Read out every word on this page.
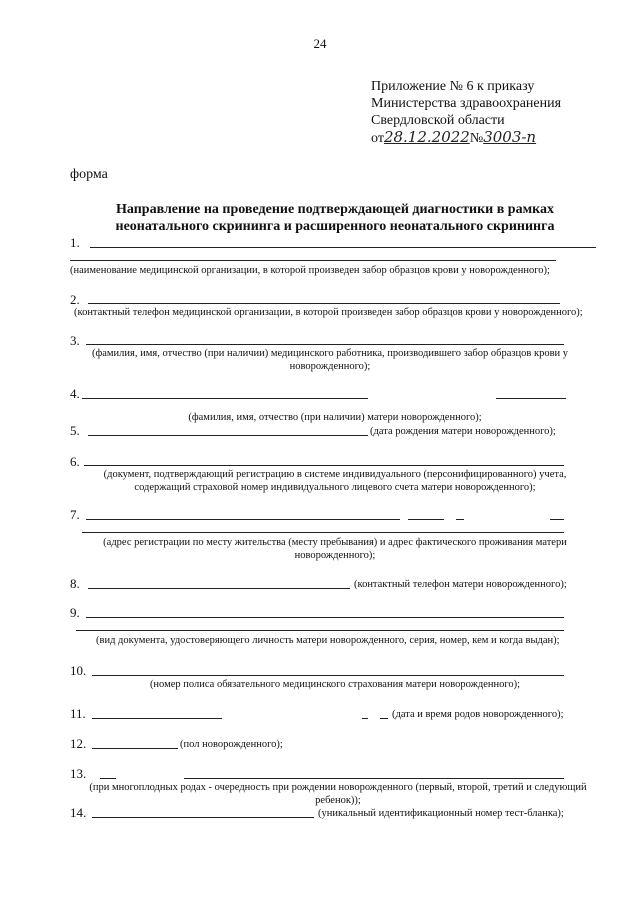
24
Приложение № 6 к приказу
Министерства здравоохранения
Свердловской области
от28.12.2022№3003-п
форма
Направление на проведение подтверждающей диагностики в рамках
неонатального скрининга и расширенного неонатального скрининга
1.
(наименование медицинской организации, в которой произведен забор образцов крови у новорожденного);
2.
(контактный телефон медицинской организации, в которой произведен забор образцов крови у новорожденного);
3.
(фамилия, имя, отчество (при наличии) медицинского работника, производившего забор образцов крови у
новорожденного);
4.
(фамилия, имя, отчество (при наличии) матери новорожденного);
5.	(дата рождения матери новорожденного);
6.
(документ, подтверждающий регистрацию в системе индивидуального (персонифицированного) учета,
содержащий страховой номер индивидуального лицевого счета матери новорожденного);
7.
(адрес регистрации по месту жительства (месту пребывания) и адрес фактического проживания матери
новорожденного);
8.	(контактный телефон матери новорожденного);
9.
(вид документа, удостоверяющего личность матери новорожденного, серия, номер, кем и когда выдан);
10.
(номер полиса обязательного медицинского страхования матери новорожденного);
11.	(дата и время родов новорожденного);
12.	(пол новорожденного);
13.
(при многоплодных родах - очередность при рождении новорожденного (первый, второй, третий и следующий
ребенок));
14.	(уникальный идентификационный номер тест-бланка);
